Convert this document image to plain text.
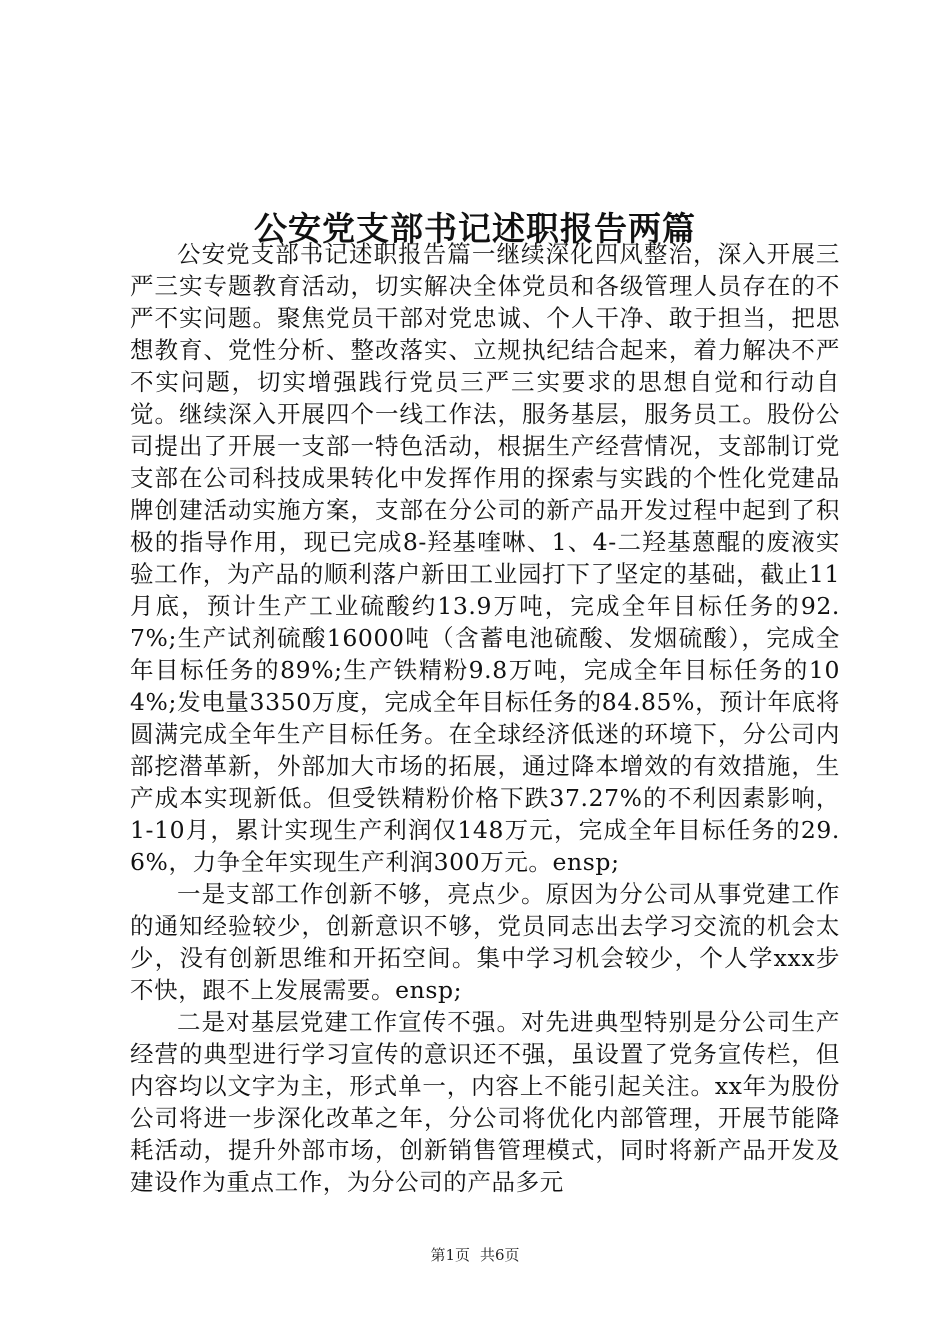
公安党支部书记述职报告两篇

公安党支部书记述职报告篇一继续深化四风整治，深入开展三严三实专题教育活动，切实解决全体党员和各级管理人员存在的不严不实问题。聚焦党员干部对党忠诚、个人干净、敢于担当，把思想教育、党性分析、整改落实、立规执纪结合起来，着力解决不严不实问题，切实增强践行党员三严三实要求的思想自觉和行动自觉。继续深入开展四个一线工作法，服务基层，服务员工。股份公司提出了开展一支部一特色活动，根据生产经营情况，支部制订党支部在公司科技成果转化中发挥作用的探索与实践的个性化党建品牌创建活动实施方案，支部在分公司的新产品开发过程中起到了积极的指导作用，现已完成8-羟基喹啉、1、4-二羟基蒽醌的废液实验工作，为产品的顺利落户新田工业园打下了坚定的基础，截止11月底，预计生产工业硫酸约13.9万吨，完成全年目标任务的92.7%;生产试剂硫酸16000吨（含蓄电池硫酸、发烟硫酸），完成全年目标任务的89%;生产铁精粉9.8万吨，完成全年目标任务的104%;发电量3350万度，完成全年目标任务的84.85%，预计年底将圆满完成全年生产目标任务。在全球经济低迷的环境下，分公司内部挖潜革新，外部加大市场的拓展，通过降本增效的有效措施，生产成本实现新低。但受铁精粉价格下跌37.27%的不利因素影响，1-10月，累计实现生产利润仅148万元，完成全年目标任务的29.6%，力争全年实现生产利润300万元。ensp;

一是支部工作创新不够，亮点少。原因为分公司从事党建工作的通知经验较少，创新意识不够，党员同志出去学习交流的机会太少，没有创新思维和开拓空间。集中学习机会较少，个人学xxx步不快，跟不上发展需要。ensp;

二是对基层党建工作宣传不强。对先进典型特别是分公司生产经营的典型进行学习宣传的意识还不强，虽设置了党务宣传栏，但内容均以文字为主，形式单一，内容上不能引起关注。xx年为股份公司将进一步深化改革之年，分公司将优化内部管理，开展节能降耗活动，提升外部市场，创新销售管理模式，同时将新产品开发及建设作为重点工作，为分公司的产品多元

第1页 共6页
